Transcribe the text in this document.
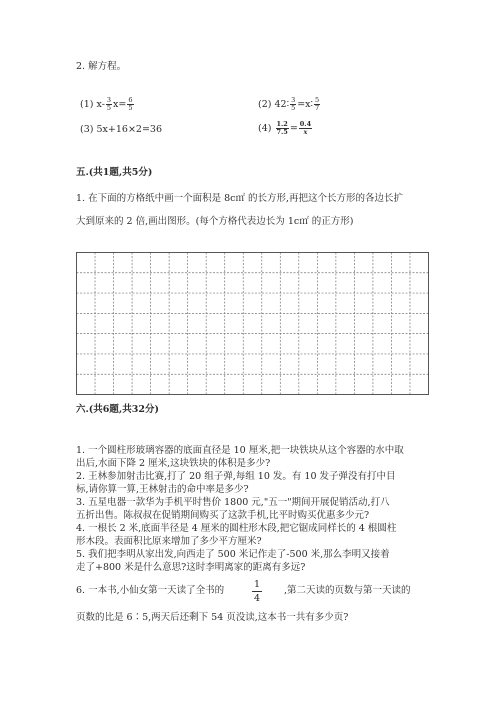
2. 解方程。
(1) $x- \frac{3}{5} x= \frac{6}{5}$	(2) 42∶ $\frac{3}{5}$ =x∶ $\frac{5}{7}$
(3) 5x+16×2=36	$(4) \frac{1.2}{7.5} = \frac{0.4}{x}$
五.(共1题,共5分)
1. 在下面的方格纸中画一个面积是 8c㎡ 的长方形,再把这个长方形的各边长扩
大到原来的 2 倍,画出图形。(每个方格代表边长为 1c㎡ 的正方形)
六.(共6题,共32分)
1. 一个圆柱形玻璃容器的底面直径是 10 厘米,把一块铁块从这个容器的水中取
出后,水面下降 2 厘米,这块铁块的体积是多少?
2. 王林参加射击比赛,打了 20 组子弹,每组 10 发。有 10 发子弹没有打中目
标,请你算一算,王林射击的命中率是多少?
3. 五星电器一款华为手机平时售价 1800 元,"五一"期间开展促销活动,打八
五折出售。陈叔叔在促销期间购买了这款手机,比平时购买优惠多少元?
4. 一根长 2 米,底面半径是 4 厘米的圆柱形木段,把它锯成同样长的 4 根圆柱
形木段。表面积比原来增加了多少平方厘米?
5. 我们把李明从家出发,向西走了 500 米记作走了-500 米,那么李明又接着
走了+800 米是什么意思?这时李明离家的距离有多远?
6. 一本书,小仙女第一天读了全书的	$\frac{1}{4}$ ,第二天读的页数与第一天读的
页数的比是 6∶5,两天后还剩下 54 页没读,这本书一共有多少页?
